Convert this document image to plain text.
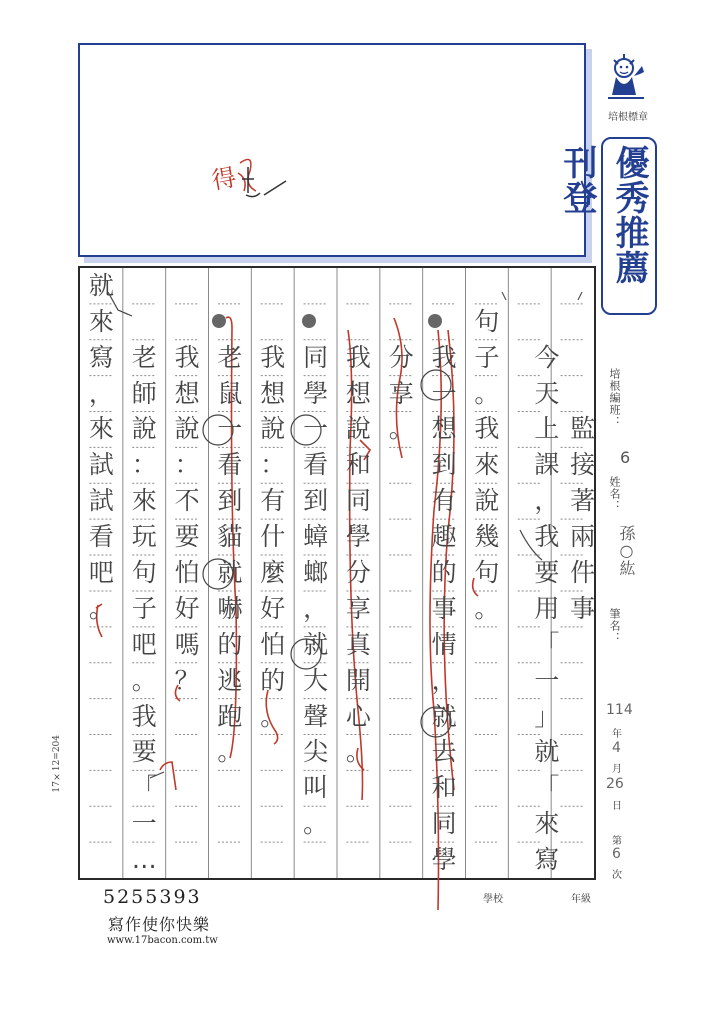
得
培根標章
優秀推薦刊登
培根編班：
6
姓名：
孫○紘
筆名：
114
年
4
月
26
日
第
6
次
監
接
著
兩
件
事
今
天
上
課
，
我
要
用
「
一
」
就
「
來
寫
句
子
。
我
來
說
幾
句
。
我
一
想
到
有
趣
的
事
情
，
就
去
和
同
學
分
享
。
我
想
說
和
同
學
分
享
真
開
心
。
同
學
一
看
到
蟑
螂
，
就
大
聲
尖
叫
。
我
想
說
：
有
什
麼
好
怕
的
。
老
鼠
一
看
到
貓
就
嚇
的
逃
跑
。
我
想
說
：
不
要
怕
好
嗎
？
老
師
說
：
來
玩
句
子
吧
。
我
要
「
一
…
就
來
寫
，
來
試
試
看
吧
。
17×12=204
學校	年級
5255393
寫作使你快樂
www.17bacon.com.tw
